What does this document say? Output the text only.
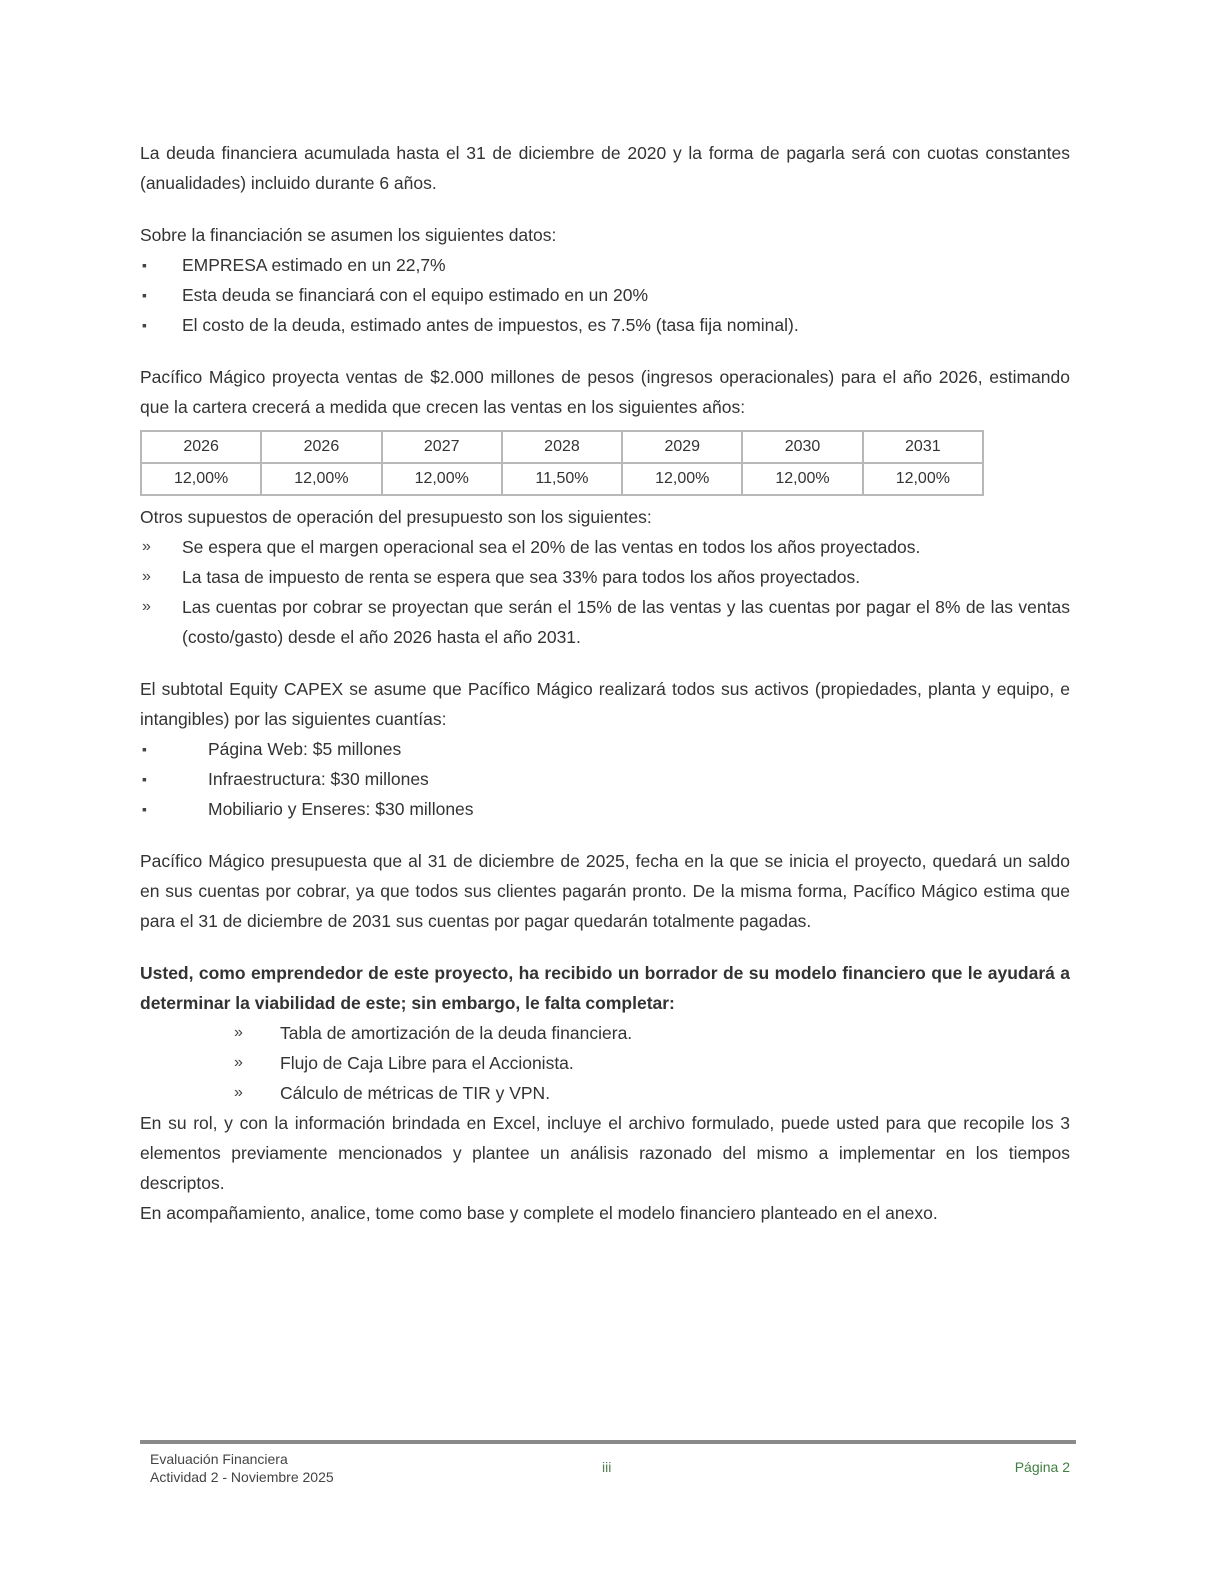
La deuda financiera acumulada hasta el 31 de diciembre de 2020 y la forma de pagarla será con cuotas constantes (anualidades) incluido durante 6 años.

Sobre la financiación se asumen los siguientes datos:

▪ EMPRESA estimado en un 22,7%
▪ Esta deuda se financiará con el equipo estimado en un 20%
▪ El costo de la deuda, estimado antes de impuestos, es 7.5% (tasa fija nominal).

Pacífico Mágico proyecta ventas de $2.000 millones de pesos (ingresos operacionales) para el año 2026, estimando que la cartera crecerá a medida que crecen las ventas en los siguientes años:

2026	2026	2027	2028	2029	2030	2031
12,00%	12,00%	12,00%	11,50%	12,00%	12,00%	12,00%

Otros supuestos de operación del presupuesto son los siguientes:

» Se espera que el margen operacional sea el 20% de las ventas en todos los años proyectados.
» La tasa de impuesto de renta se espera que sea 33% para todos los años proyectados.
» Las cuentas por cobrar se proyectan que serán el 15% de las ventas y las cuentas por pagar el 8% de las ventas (costo/gasto) desde el año 2026 hasta el año 2031.

El subtotal Equity CAPEX se asume que Pacífico Mágico realizará todos sus activos (propiedades, planta y equipo, e intangibles) por las siguientes cuantías:

▪ Página Web: $5 millones
▪ Infraestructura: $30 millones
▪ Mobiliario y Enseres: $30 millones

Pacífico Mágico presupuesta que al 31 de diciembre de 2025, fecha en la que se inicia el proyecto, quedará un saldo en sus cuentas por cobrar, ya que todos sus clientes pagarán pronto. De la misma forma, Pacífico Mágico estima que para el 31 de diciembre de 2031 sus cuentas por pagar quedarán totalmente pagadas.

Usted, como emprendedor de este proyecto, ha recibido un borrador de su modelo financiero que le ayudará a determinar la viabilidad de este; sin embargo, le falta completar:

» Tabla de amortización de la deuda financiera.
» Flujo de Caja Libre para el Accionista.
» Cálculo de métricas de TIR y VPN.

En su rol, y con la información brindada en Excel, incluye el archivo formulado, puede usted para que recopile los 3 elementos previamente mencionados y plantee un análisis razonado del mismo a implementar en los tiempos descriptos.

En acompañamiento, analice, tome como base y complete el modelo financiero planteado en el anexo.

Evaluación Financiera
Actividad 2 - Noviembre 2025
iii	Página 2
